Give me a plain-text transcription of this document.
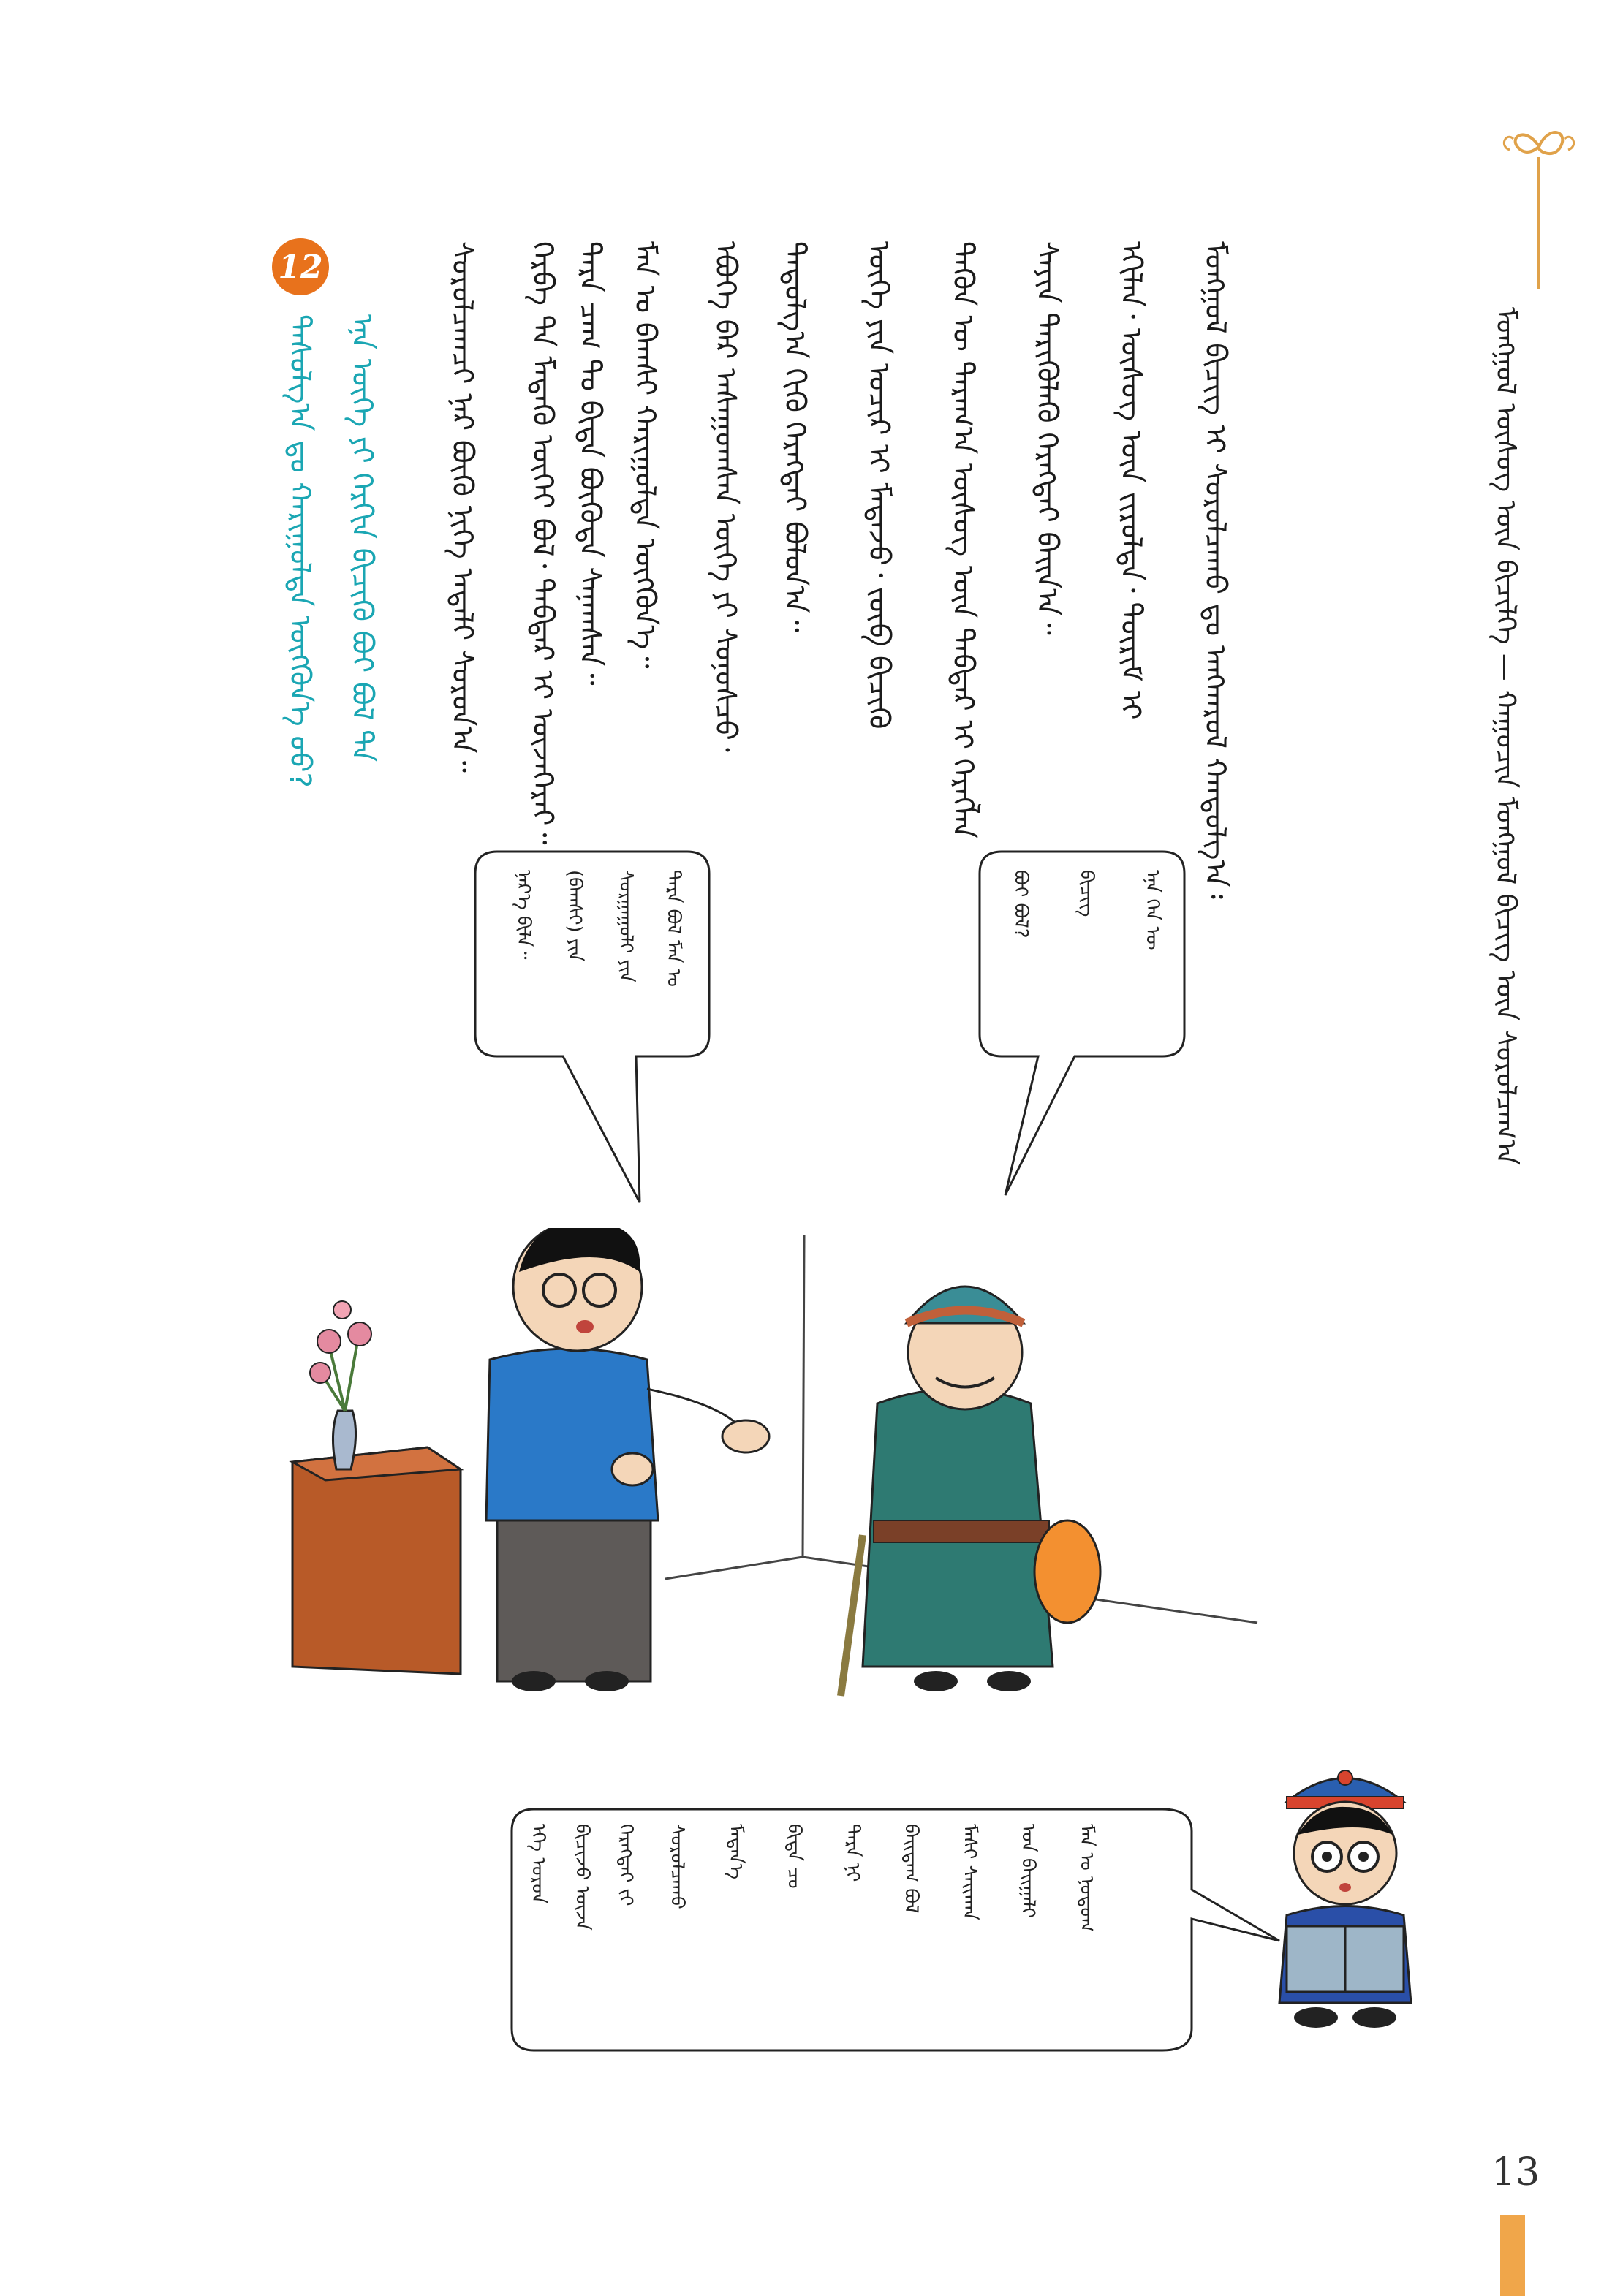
ᠮᠣᠩᠭᠣᠯ ᠦᠰᠦᠭ ᠦᠨ ᠪᠢᠴᠢᠯᠭᠡ — ᠬᠠᠭᠤᠴᠢᠨ ᠮᠣᠩᠭᠣᠯ ᠪᠢᠴᠢᠭ ᠦᠨ ᠰᠤᠷᠤᠯᠴᠠᠭ᠎ᠠ
ᠮᠣᠩᠭᠣᠯ ᠪᠢᠴᠢᠭ ᠢ ᠰᠤᠷᠤᠯᠴᠠᠬᠤ ᠳᠤ ᠠᠩᠬᠠᠷᠤᠯ ᠬᠠᠨᠳᠤᠯᠭ᠎ᠠ᠄
ᠡᠬᠢᠯᠡᠨ᠂ ᠦᠰᠦᠭ ᠦᠨ ᠵᠢᠷᠤᠯᠲᠠ᠂ ᠳᠦᠷᠢᠮ ᠢ
ᠰᠠᠶᠢᠨ ᠲᠡᠷᠢᠭᠦᠯᠡᠬᠦ ᠬᠡᠷᠡᠭᠲᠡᠢ ᠪᠠᠢᠨ᠎ᠠ᠃
ᠲᠡᠭᠦᠨ ᠦ ᠳᠠᠷᠠᠭ᠎ᠠ ᠦᠰᠦᠭ ᠦᠨ ᠳᠡᠪᠲᠡᠷ ᠢ ᠬᠡᠷᠡᠭᠯᠡᠨ
ᠦᠭᠡ ᠶᠢᠨ ᠤᠴᠢᠷ ᠢ ᠮᠡᠳᠡᠵᠦ᠂ ᠵᠥᠪ ᠪᠢᠴᠢᠬᠦ
ᠳᠠᠳᠤᠯᠭ᠎ᠠ ᠬᠢᠬᠦ ᠬᠡᠷᠡᠭᠲᠡᠢ ᠪᠣᠯᠤᠨ᠎ᠠ᠃
ᠡᠪᠦᠭᠡ ᠪᠠᠷ ᠠᠰᠠᠭᠤᠭᠰᠠᠨ ᠦᠭᠡ ᠶᠢ ᠰᠣᠨᠣᠰᠴᠤ᠂
ᠮᠠᠨ ᠤ ᠪᠠᠭᠰᠢ ᠬᠠᠷᠢᠭᠤᠯᠲᠠ ᠥᠭᠭᠦᠨ᠎ᠡ᠃
ᠲᠡᠷᠡ ᠴᠠᠭ ᠲᠤ ᠪᠢᠳᠡ ᠪᠦᠭᠦᠳᠡ ᠰᠠᠨᠠᠭᠰᠠᠨ᠃
ᠬᠡᠷᠪᠡ ᠲᠠ ᠮᠡᠳᠡᠬᠦ ᠦᠭᠡᠢ ᠪᠣᠯ᠂ ᠳᠡᠪᠲᠡᠷ ᠢ ᠦᠵᠡᠭᠡᠷᠡᠢ᠃
ᠰᠤᠷᠤᠯᠴᠠᠭᠴᠢ ᠨᠠᠷ ᠪᠦᠬᠦ ᠨᠢᠭᠡ ᠠᠳᠠᠯᠢ ᠰᠤᠷᠤᠨ᠎ᠠ᠃
12
ᠡᠨᠡ ᠦᠭᠡ ᠶᠢ ᠬᠡᠷᠬᠢᠨ ᠪᠢᠴᠢᠬᠦ ᠪᠤᠢ ᠪᠣᠯ ᠲᠠ
ᠳᠠᠰᠤᠯᠭ᠎ᠠ ᠳᠤ ᠬᠠᠷᠢᠭᠤᠯᠲᠠ ᠥᠭᠭᠦᠨ᠎ᠡ ᠦᠦ?
ᠡᠨᠡ ᠬᠡᠨ ᠦ
ᠪᠢᠴᠢᠭ
ᠪᠣᠢ ᠪᠣᠯ?
ᠲᠡᠷᠡ ᠪᠣᠯ ᠮᠠᠨ ᠤ
ᠰᠤᠷᠭᠠᠭᠤᠯᠢ ᠶᠢᠨ
(ᠪᠠᠭᠰᠢ) ᠶᠢᠨ
ᠨᠡᠷ᠎ᠡ ᠪᠢᠯᠡ᠃
ᠮᠠᠨ ᠤ ᠨᠤᠲᠤᠭ
ᠤᠨ ᠪᠠᠢᠭᠠᠯᠢ
ᠮᠠᠰᠢ ᠰᠠᠢᠬᠠᠨ
ᠪᠠᠢᠳᠠᠭ ᠪᠣᠯ
ᠲᠡᠷᠡ ᠨᠢ
ᠪᠢᠳᠡ ᠴᠤ
ᠮᠡᠳᠡᠨ᠎ᠡ
ᠰᠤᠷᠤᠯᠴᠠᠬᠤ
ᠬᠡᠷᠡᠭᠲᠡᠢ ᠵᠢ
ᠪᠢᠴᠢᠵᠦ ᠦᠵᠡ
ᠡᠬᠡ ᠣᠷᠣᠨ
13
